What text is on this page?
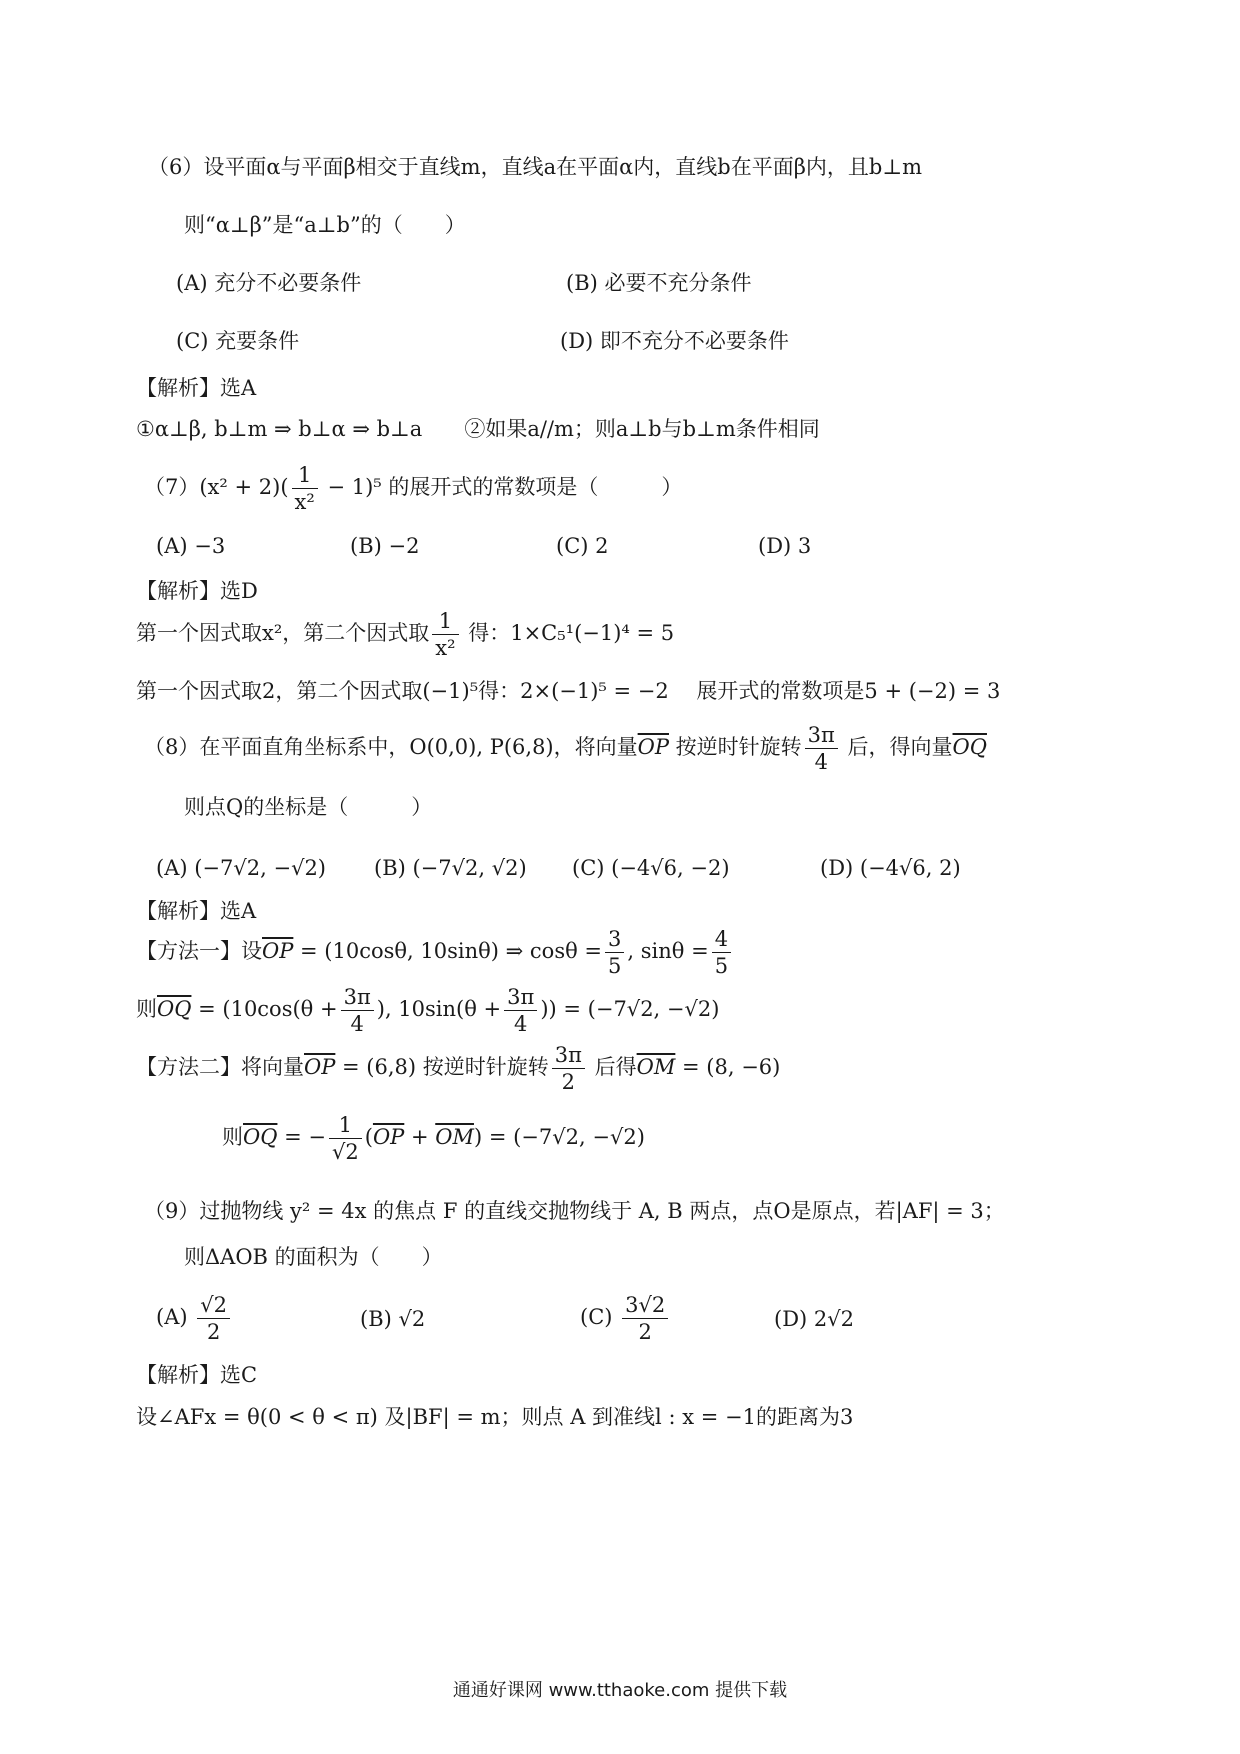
（6）设平面α与平面β相交于直线m，直线a在平面α内，直线b在平面β内，且b⊥m
则“α⊥β”是“a⊥b”的（　　）
(A) 充分不必要条件	(B) 必要不充分条件
(C) 充要条件	(D) 即不充分不必要条件
【解析】选A
①α⊥β, b⊥m ⇒ b⊥α ⇒ b⊥a　　②如果a//m；则a⊥b与b⊥m条件相同
$(7)(x^2 + 2)( \frac{1}{\text{x²}} - 1)^5$ 的展开式的常数项是（　　　）
(A) −3	(B) −2	(C) 2	(D) 3
【解析】选D
第一个因式取x²，第二个因式取 $\frac{1}{\text{x²}}$ 得：1×C₅¹(−1)⁴ = 5
第一个因式取2，第二个因式取(−1)⁵得：2×(−1)⁵ = −2　 展开式的常数项是5 + (−2) = 3
（8）在平面直角坐标系中，O(0,0), P(6,8)，将向量$\overline{OP}$ 按逆时针旋转 $\frac{3\pi}{4}$ 后，得向量$\overline{OQ}$
则点Q的坐标是（　　　）
(A) (−7√2, −√2) (B) (−7√2, √2) (C) (−4√6, −2)	(D) (−4√6, 2)
【解析】选A
【方法一】设$\overline{OP} = (10\cos\theta$, 10sinθ) ⇒ $\cos\theta = \frac{3}{5}$ , $\sin\theta = \frac{4}{5}$
则$\overline{OQ} = (10\cos(\theta + \frac{3\pi}{4}$ ), $10\sin(\theta + \frac{3\pi}{4}$ )) = (−7√2, −√2)
【方法二】将向量$\overline{OP} = (6,8)$ 按逆时针旋转 $\frac{3\pi}{2}$ 后得$\overline{OM} = (8$, −6)
则$\overline{OQ}$ = − $\frac{1}{√2} (\overline{OP} + \overline{OM}) = (-7√2$, −√2)
（9）过抛物线 y² = 4x 的焦点 F 的直线交抛物线于 A, B 两点，点O是原点，若|AF| = 3；
则ΔAOB 的面积为（　　）
$(A) \frac{√2}{2}$	(B) √2	$(C) \frac{3√2}{2}$	(D) 2√2
【解析】选C
设∠AFx = θ(0 < θ < π) 及|BF| = m；则点 A 到准线l : x = −1的距离为3
通通好课网 www.tthaoke.com 提供下载
